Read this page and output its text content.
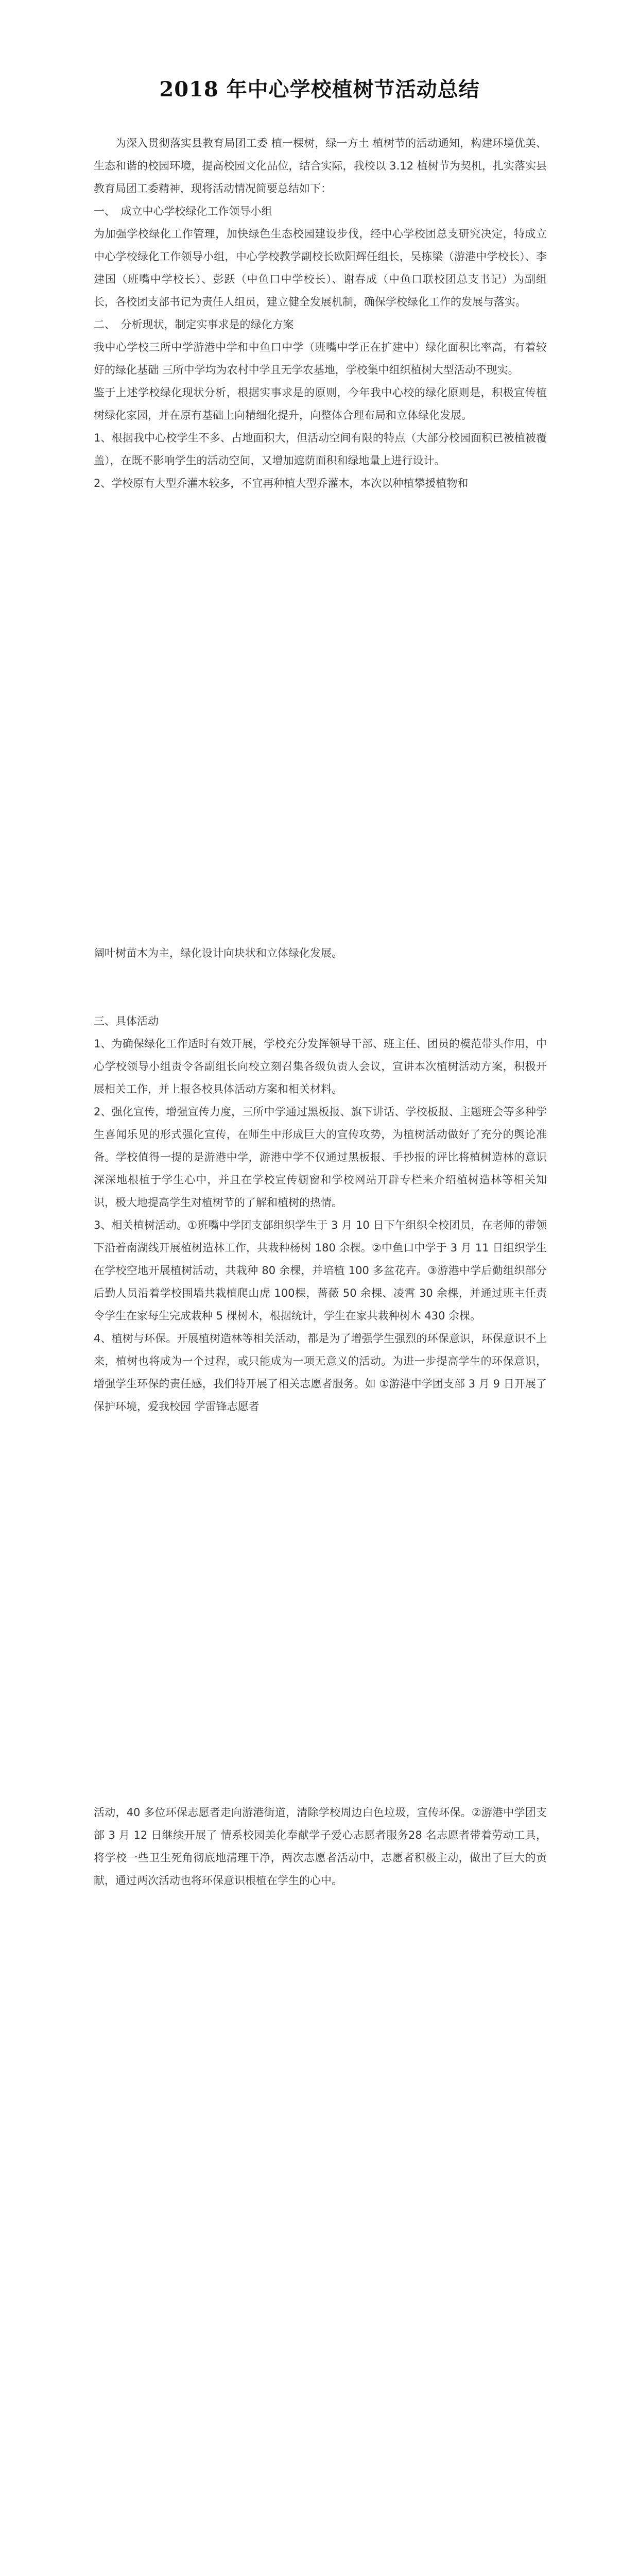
2018 年中心学校植树节活动总结

为深入贯彻落实县教育局团工委 植一棵树，绿一方土 植树节的活动通知，构建环境优美、生态和谐的校园环境，提高校园文化品位，结合实际，我校以 3.12 植树节为契机，扎实落实县教育局团工委精神，现将活动情况简要总结如下：

一、　成立中心学校绿化工作领导小组

为加强学校绿化工作管理，加快绿色生态校园建设步伐，经中心学校团总支研究决定，特成立中心学校绿化工作领导小组，中心学校教学副校长欧阳辉任组长，吴栋梁（游港中学校长）、李建国（班嘴中学校长）、彭跃（中鱼口中学校长）、谢春成（中鱼口联校团总支书记）为副组长，各校团支部书记为责任人组员，建立健全发展机制，确保学校绿化工作的发展与落实。

二、　分析现状，制定实事求是的绿化方案

我中心学校三所中学游港中学和中鱼口中学（班嘴中学正在扩建中）绿化面积比率高，有着较好的绿化基础 三所中学均为农村中学且无学农基地，学校集中组织植树大型活动不现实。

鉴于上述学校绿化现状分析，根据实事求是的原则，今年我中心校的绿化原则是，积极宣传植树绿化家园，并在原有基础上向精细化提升，向整体合理布局和立体绿化发展。

1、根据我中心校学生不多、占地面积大，但活动空间有限的特点（大部分校园面积已被植被覆盖），在既不影响学生的活动空间，又增加遮荫面积和绿地量上进行设计。

2、学校原有大型乔灌木较多，不宜再种植大型乔灌木，本次以种植攀援植物和

阔叶树苗木为主，绿化设计向块状和立体绿化发展。

三、具体活动

1、为确保绿化工作适时有效开展，学校充分发挥领导干部、班主任、团员的模范带头作用，中心学校领导小组责令各副组长向校立刻召集各级负责人会议，宣讲本次植树活动方案，积极开展相关工作，并上报各校具体活动方案和相关材料。

2、强化宣传，增强宣传力度，三所中学通过黑板报、旗下讲话、学校板报、主题班会等多种学生喜闻乐见的形式强化宣传，在师生中形成巨大的宣传攻势，为植树活动做好了充分的舆论准备。学校值得一提的是游港中学，游港中学不仅通过黑板报、手抄报的评比将植树造林的意识深深地根植于学生心中，并且在学校宣传橱窗和学校网站开辟专栏来介绍植树造林等相关知识，极大地提高学生对植树节的了解和植树的热情。

3、相关植树活动。①班嘴中学团支部组织学生于 3 月 10 日下午组织全校团员，在老师的带领下沿着南湖线开展植树造林工作，共栽种杨树 180 余棵。②中鱼口中学于 3 月 11 日组织学生在学校空地开展植树活动，共栽种 80 余棵，并培植 100 多盆花卉。③游港中学后勤组织部分后勤人员沿着学校围墙共栽植爬山虎 100棵，蔷薇 50 余棵、凌霄 30 余棵，并通过班主任责令学生在家每生完成栽种 5 棵树木，根据统计，学生在家共栽种树木 430 余棵。

4、植树与环保。开展植树造林等相关活动，都是为了增强学生强烈的环保意识，环保意识不上来，植树也将成为一个过程，或只能成为一项无意义的活动。为进一步提高学生的环保意识，增强学生环保的责任感，我们特开展了相关志愿者服务。如 ①游港中学团支部 3 月 9 日开展了 保护环境，爱我校园 学雷锋志愿者

活动，40 多位环保志愿者走向游港街道，清除学校周边白色垃圾，宣传环保。②游港中学团支部 3 月 12 日继续开展了 情系校园美化奉献学子爱心志愿者服务28 名志愿者带着劳动工具，将学校一些卫生死角彻底地清理干净，两次志愿者活动中，志愿者积极主动，做出了巨大的贡献，通过两次活动也将环保意识根植在学生的心中。
